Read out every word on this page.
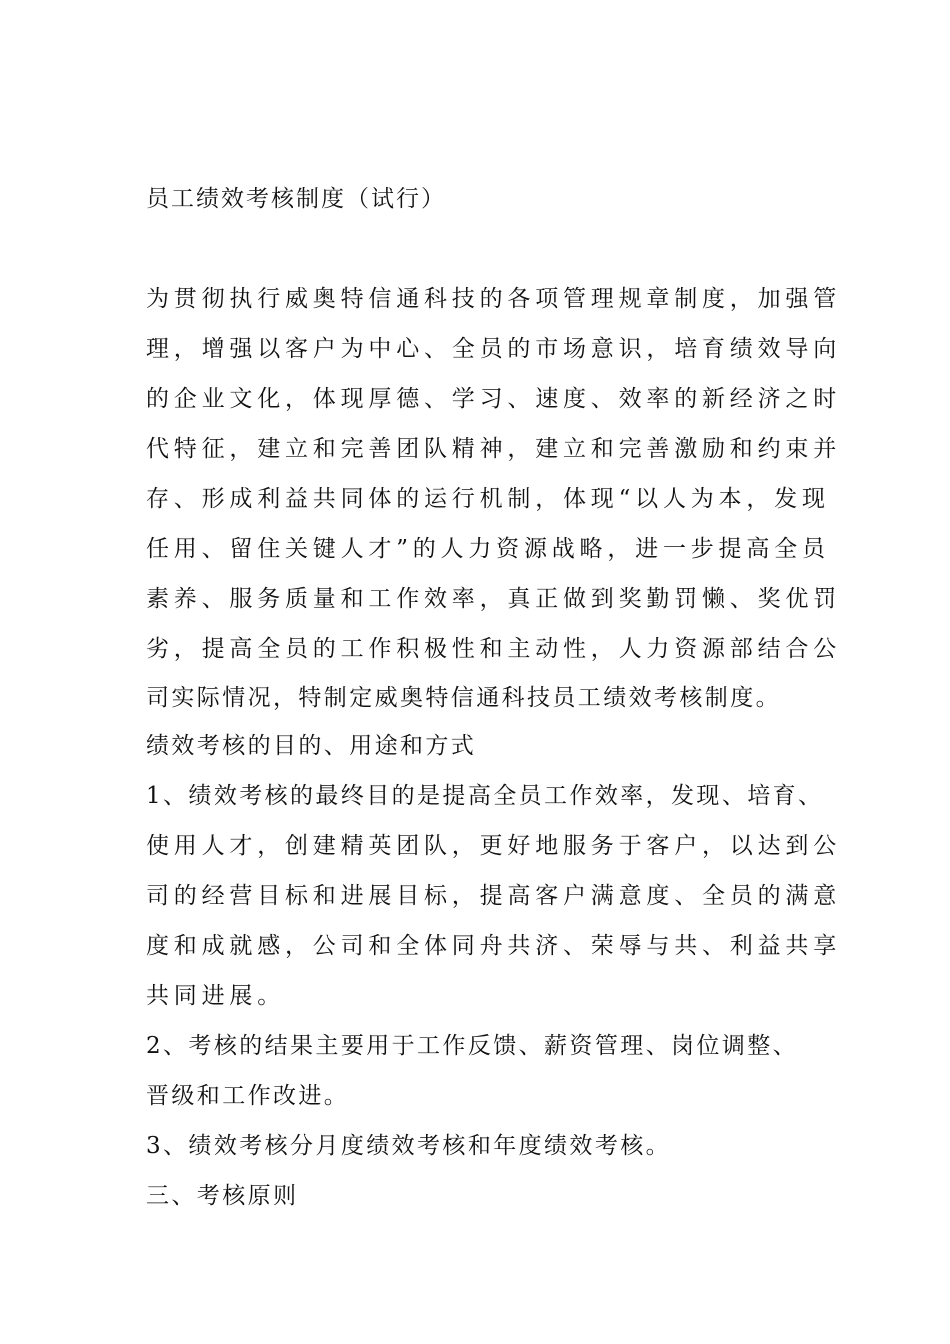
员工绩效考核制度（试行）
为贯彻执行威奥特信通科技的各项管理规章制度，加强管
理，增强以客户为中心、全员的市场意识，培育绩效导向
的企业文化，体现厚德、学习、速度、效率的新经济之时
代特征，建立和完善团队精神，建立和完善激励和约束并
存、形成利益共同体的运行机制，体现“以人为本，发现
任用、留住关键人才”的人力资源战略，进一步提高全员
素养、服务质量和工作效率，真正做到奖勤罚懒、奖优罚
劣，提高全员的工作积极性和主动性，人力资源部结合公
司实际情况，特制定威奥特信通科技员工绩效考核制度。
绩效考核的目的、用途和方式
1、绩效考核的最终目的是提高全员工作效率，发现、培育、
使用人才，创建精英团队，更好地服务于客户，以达到公
司的经营目标和进展目标，提高客户满意度、全员的满意
度和成就感，公司和全体同舟共济、荣辱与共、利益共享
共同进展。
2、考核的结果主要用于工作反馈、薪资管理、岗位调整、
晋级和工作改进。
3、绩效考核分月度绩效考核和年度绩效考核。
三、考核原则
